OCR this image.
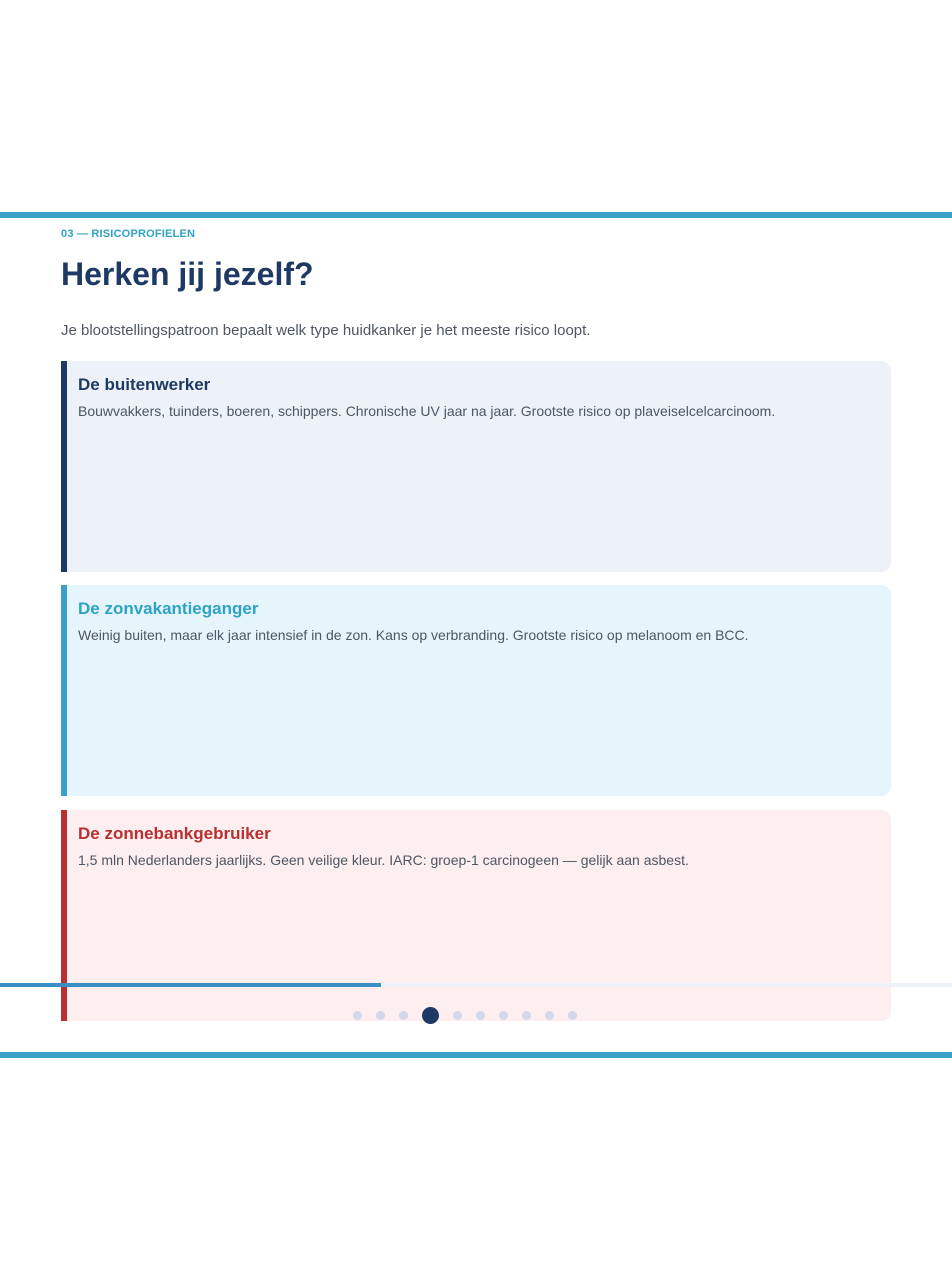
03 — RISICOPROFIELEN
Herken jij jezelf?
Je blootstellingspatroon bepaalt welk type huidkanker je het meeste risico loopt.
De buitenwerker
Bouwvakkers, tuinders, boeren, schippers. Chronische UV jaar na jaar. Grootste risico op plaveiselcelcarcinoom.
De zonvakantieganger
Weinig buiten, maar elk jaar intensief in de zon. Kans op verbranding. Grootste risico op melanoom en BCC.
De zonnebankgebruiker
1,5 mln Nederlanders jaarlijks. Geen veilige kleur. IARC: groep-1 carcinogeen — gelijk aan asbest.
